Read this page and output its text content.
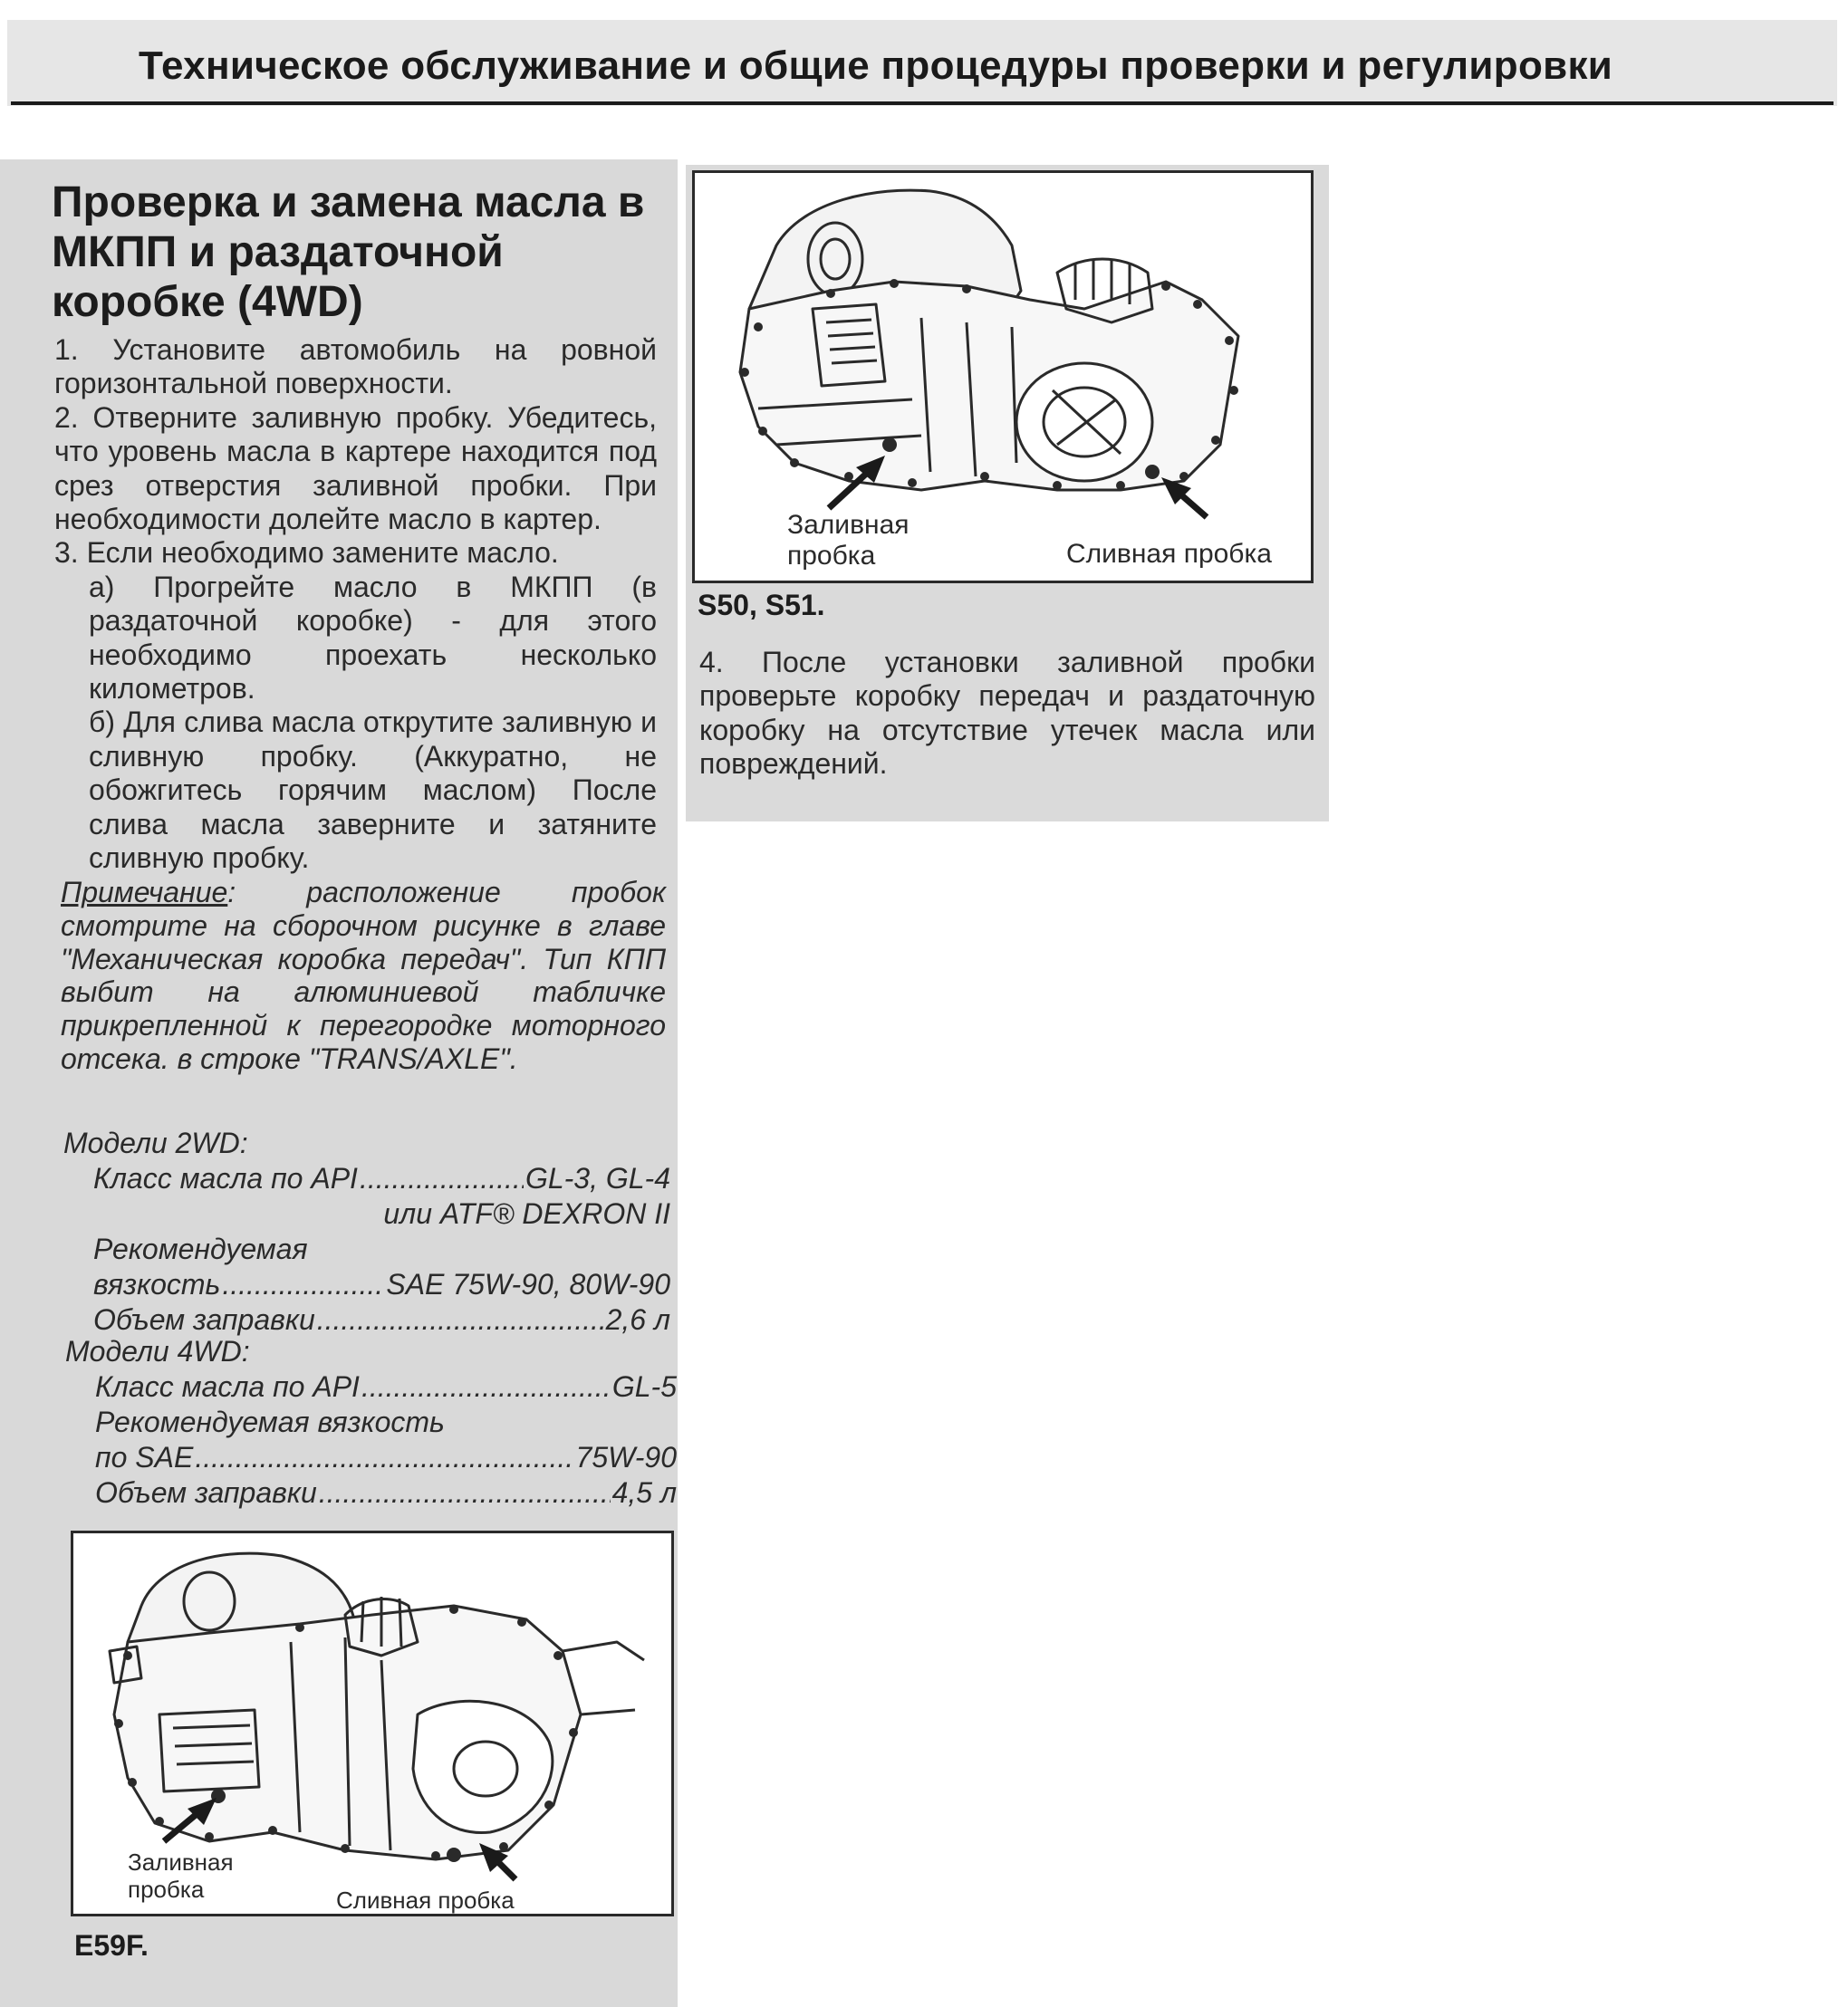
Техническое обслуживание и общие процедуры проверки и регулировки
Проверка и замена масла в МКПП и раздаточной коробке (4WD)

1. Установите автомобиль на ровной горизонтальной поверхности.

2. Отверните заливную пробку. Убедитесь, что уровень масла в картере находится под срез отверстия заливной пробки. При необходимости долейте масло в картер.

3. Если необходимо замените масло.

а) Прогрейте масло в МКПП (в раздаточной коробке) - для этого необходимо проехать несколько километров.

б) Для слива масла открутите заливную и сливную пробку. (Аккуратно, не обожгитесь горячим маслом) После слива масла заверните и затяните сливную пробку.

Примечание: расположение пробок смотрите на сборочном рисунке в главе "Механическая коробка передач". Тип КПП выбит на алюминиевой табличке прикрепленной к перегородке моторного отсека. в строке "TRANS/AXLE".

Модели 2WD:
Класс масла по API .....	GL-3, GL-4
или ATF® DEXRON II
Рекомендуемая
вязкость .....	SAE 75W-90, 80W-90
Объем заправки .....	2,6 л
Модели 4WD:
Класс масла по API .....	GL-5
Рекомендуемая вязкость
по SAE .....	75W-90
Объем заправки .....	4,5 л
Заливная
пробка	Сливная пробка
S50, S51.

4. После установки заливной пробки проверьте коробку передач и раздаточную коробку на отсутствие утечек масла или повреждений.

Заливная
пробка	Сливная пробка
E59F.
